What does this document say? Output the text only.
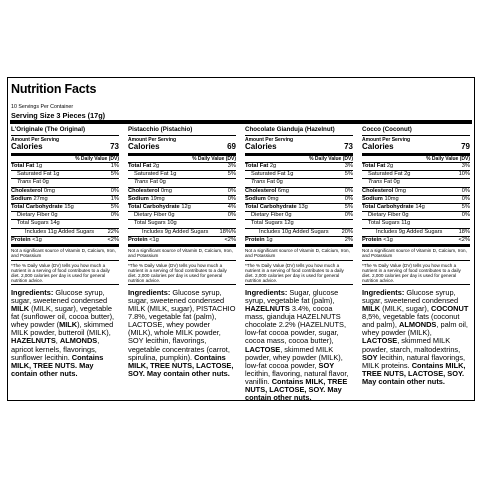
Nutrition Facts
10 Servings Per Container
Serving Size 3 Pieces (17g)
L'Originale (The Original)
Amount Per Serving
Calories	73
% Daily Value (DV)
Total Fat 1g	1%
Saturated Fat 1g	5%
Trans Fat 0g
Cholesterol 0mg	0%
Sodium 27mg	1%
Total Carbohydrate 15g	5%
Dietary Fiber 0g	0%
Total Sugars 14g
Includes 11g Added Sugars 22%
Protein <1g	<2%
Not a significant source of Vitamin D, Calcium, Iron, and Potassium
*The % Daily Value (DV) tells you how much a nutrient in a serving of food contributes to a daily diet. 2,000 calories per day is used for general nutrition advice.
Ingredients: Glucose syrup, sugar, sweetened condensed MILK (MILK, sugar), vegetable fat (sunflower oil, cocoa butter), whey powder (MILK), skimmed MILK powder, butteroil (MILK), HAZELNUTS, ALMONDS, apricot kernels, flavorings, sunflower lecithin. Contains MILK, TREE NUTS. May contain other nuts.
Pistacchio (Pistachio)
Amount Per Serving
Calories	69
% Daily Value (DV)
Total Fat 2g	3%
Saturated Fat 1g	5%
Trans Fat 0g
Cholesterol 0mg	0%
Sodium 19mg	0%
Total Carbohydrate 12g	4%
Dietary Fiber 0g	0%
Total Sugars 10g
Includes 9g Added Sugars 18%%
Protein <1g	<2%
Not a significant source of Vitamin D, Calcium, Iron, and Potassium
*The % Daily Value (DV) tells you how much a nutrient in a serving of food contributes to a daily diet. 2,000 calories per day is used for general nutrition advice.
Ingredients: Glucose syrup, sugar, sweetened condensed MILK (MILK, sugar), PISTACHIO 7.8%, vegetable fat (palm), LACTOSE, whey powder (MILK), whole MILK powder, SOY lecithin, flavorings, vegetable concentrates (carrot, spirulina, pumpkin). Contains MILK, TREE NUTS, LACTOSE, SOY. May contain other nuts.
Chocolate Gianduja (Hazelnut)
Amount Per Serving
Calories	73
% Daily Value (DV)
Total Fat 2g	3%
Saturated Fat 1g	5%
Trans Fat 0g
Cholesterol 6mg	0%
Sodium 0mg	0%
Total Carbohydrate 13g	5%
Dietary Fiber 0g	0%
Total Sugars 12g
Includes 10g Added Sugars 20%
Protein 1g	2%
Not a significant source of Vitamin D, Calcium, Iron, and Potassium
*The % Daily Value (DV) tells you how much a nutrient in a serving of food contributes to a daily diet. 2,000 calories per day is used for general nutrition advice.
Ingredients: Sugar, glucose syrup, vegetable fat (palm), HAZELNUTS 3.4%, cocoa mass, gianduja HAZELNUTS chocolate 2.2% (HAZELNUTS, low-fat cocoa powder, sugar, cocoa mass, cocoa butter), LACTOSE, skimmed MILK powder, whey powder (MILK), low-fat cocoa powder, SOY lecithin, flavoring, natural flavor, vanillin. Contains MILK, TREE NUTS, LACTOSE, SOY. May contain other nuts.
Cocco (Coconut)
Amount Per Serving
Calories	79
% Daily Value (DV)
Total Fat 2g	3%
Saturated Fat 2g	10%
Trans Fat 0g
Cholesterol 0mg	0%
Sodium 10mg	0%
Total Carbohydrate 14g	5%
Dietary Fiber 0g	0%
Total Sugars 11g
Includes 9g Added Sugars	18%
Protein <1g	<2%
Not a significant source of Vitamin D, Calcium, Iron, and Potassium
*The % Daily Value (DV) tells you how much a nutrient in a serving of food contributes to a daily diet. 2,000 calories per day is used for general nutrition advice.
Ingredients: Glucose syrup, sugar, sweetened condensed MILK (MILK, sugar), COCONUT 8,5%, vegetable fats (coconut and palm), ALMONDS, palm oil, whey powder (MILK), LACTOSE, skimmed MILK powder, starch, maltodextrins, SOY lecithin, natural flavorings, MILK proteins. Contains MILK, TREE NUTS, LACTOSE, SOY. May contain other nuts.
